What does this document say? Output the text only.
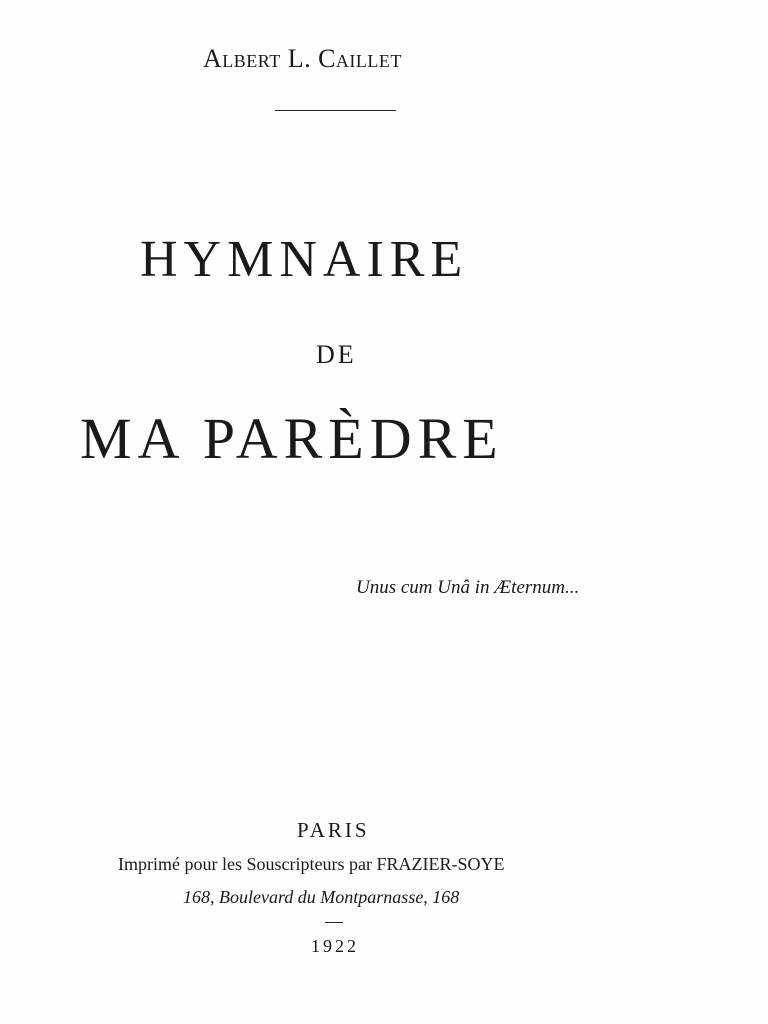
Albert L. Caillet
HYMNAIRE
DE
MA PARÈDRE
Unus cum Unâ in Æternum...
PARIS
Imprimé pour les Souscripteurs par FRAZIER-SOYE
168, Boulevard du Montparnasse, 168
1922
